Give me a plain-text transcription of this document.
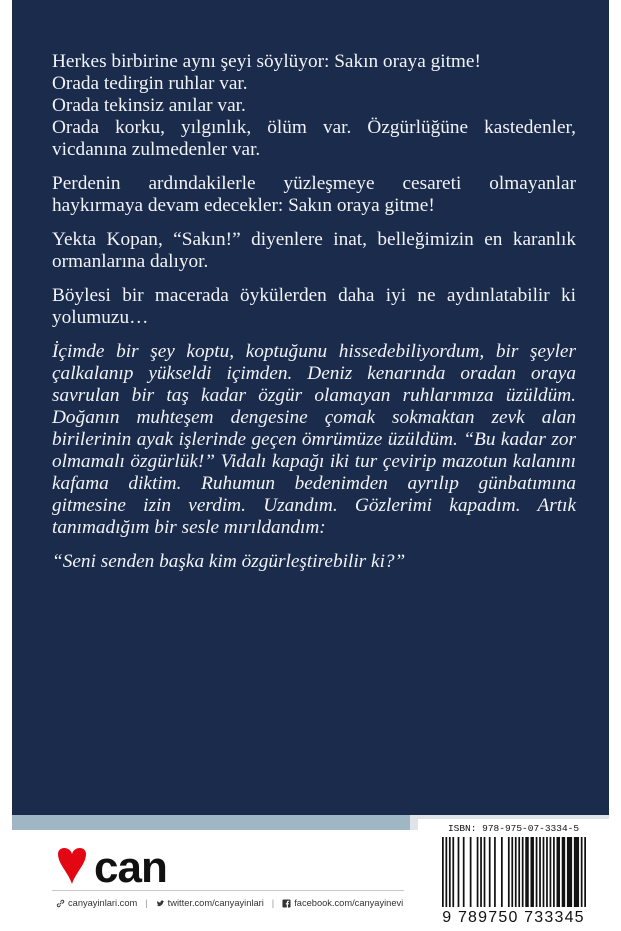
Herkes birbirine aynı şeyi söylüyor: Sakın oraya gitme!
Orada tedirgin ruhlar var.
Orada tekinsiz anılar var.
Orada korku, yılgınlık, ölüm var. Özgürlüğüne kastedenler, vicdanına zulmedenler var.

Perdenin ardındakilerle yüzleşmeye cesareti olmayanlar haykırmaya devam edecekler: Sakın oraya gitme!

Yekta Kopan, “Sakın!” diyenlere inat, belleğimizin en karanlık ormanlarına dalıyor.

Böylesi bir macerada öykülerden daha iyi ne aydınlatabilir ki yolumuzu…

İçimde bir şey koptu, koptuğunu hissedebiliyordum, bir şeyler çalkalanıp yükseldi içimden. Deniz kenarında oradan oraya savrulan bir taş kadar özgür olamayan ruhlarımıza üzüldüm. Doğanın muhteşem dengesine çomak sokmaktan zevk alan birilerinin ayak işlerinde geçen ömrümüze üzüldüm. “Bu kadar zor olmamalı özgürlük!” Vidalı kapağı iki tur çevirip mazotun kalanını kafama diktim. Ruhumun bedenimden ayrılıp günbatımına gitmesine izin verdim. Uzandım. Gözlerimi kapadım. Artık tanımadığım bir sesle mırıldandım:

“Seni senden başka kim özgürleştirebilir ki?”

can
canyayinlari.com | twitter.com/canyayinlari | facebook.com/canyayinevi
ISBN: 978-975-07-3334-5
9 789750 733345
